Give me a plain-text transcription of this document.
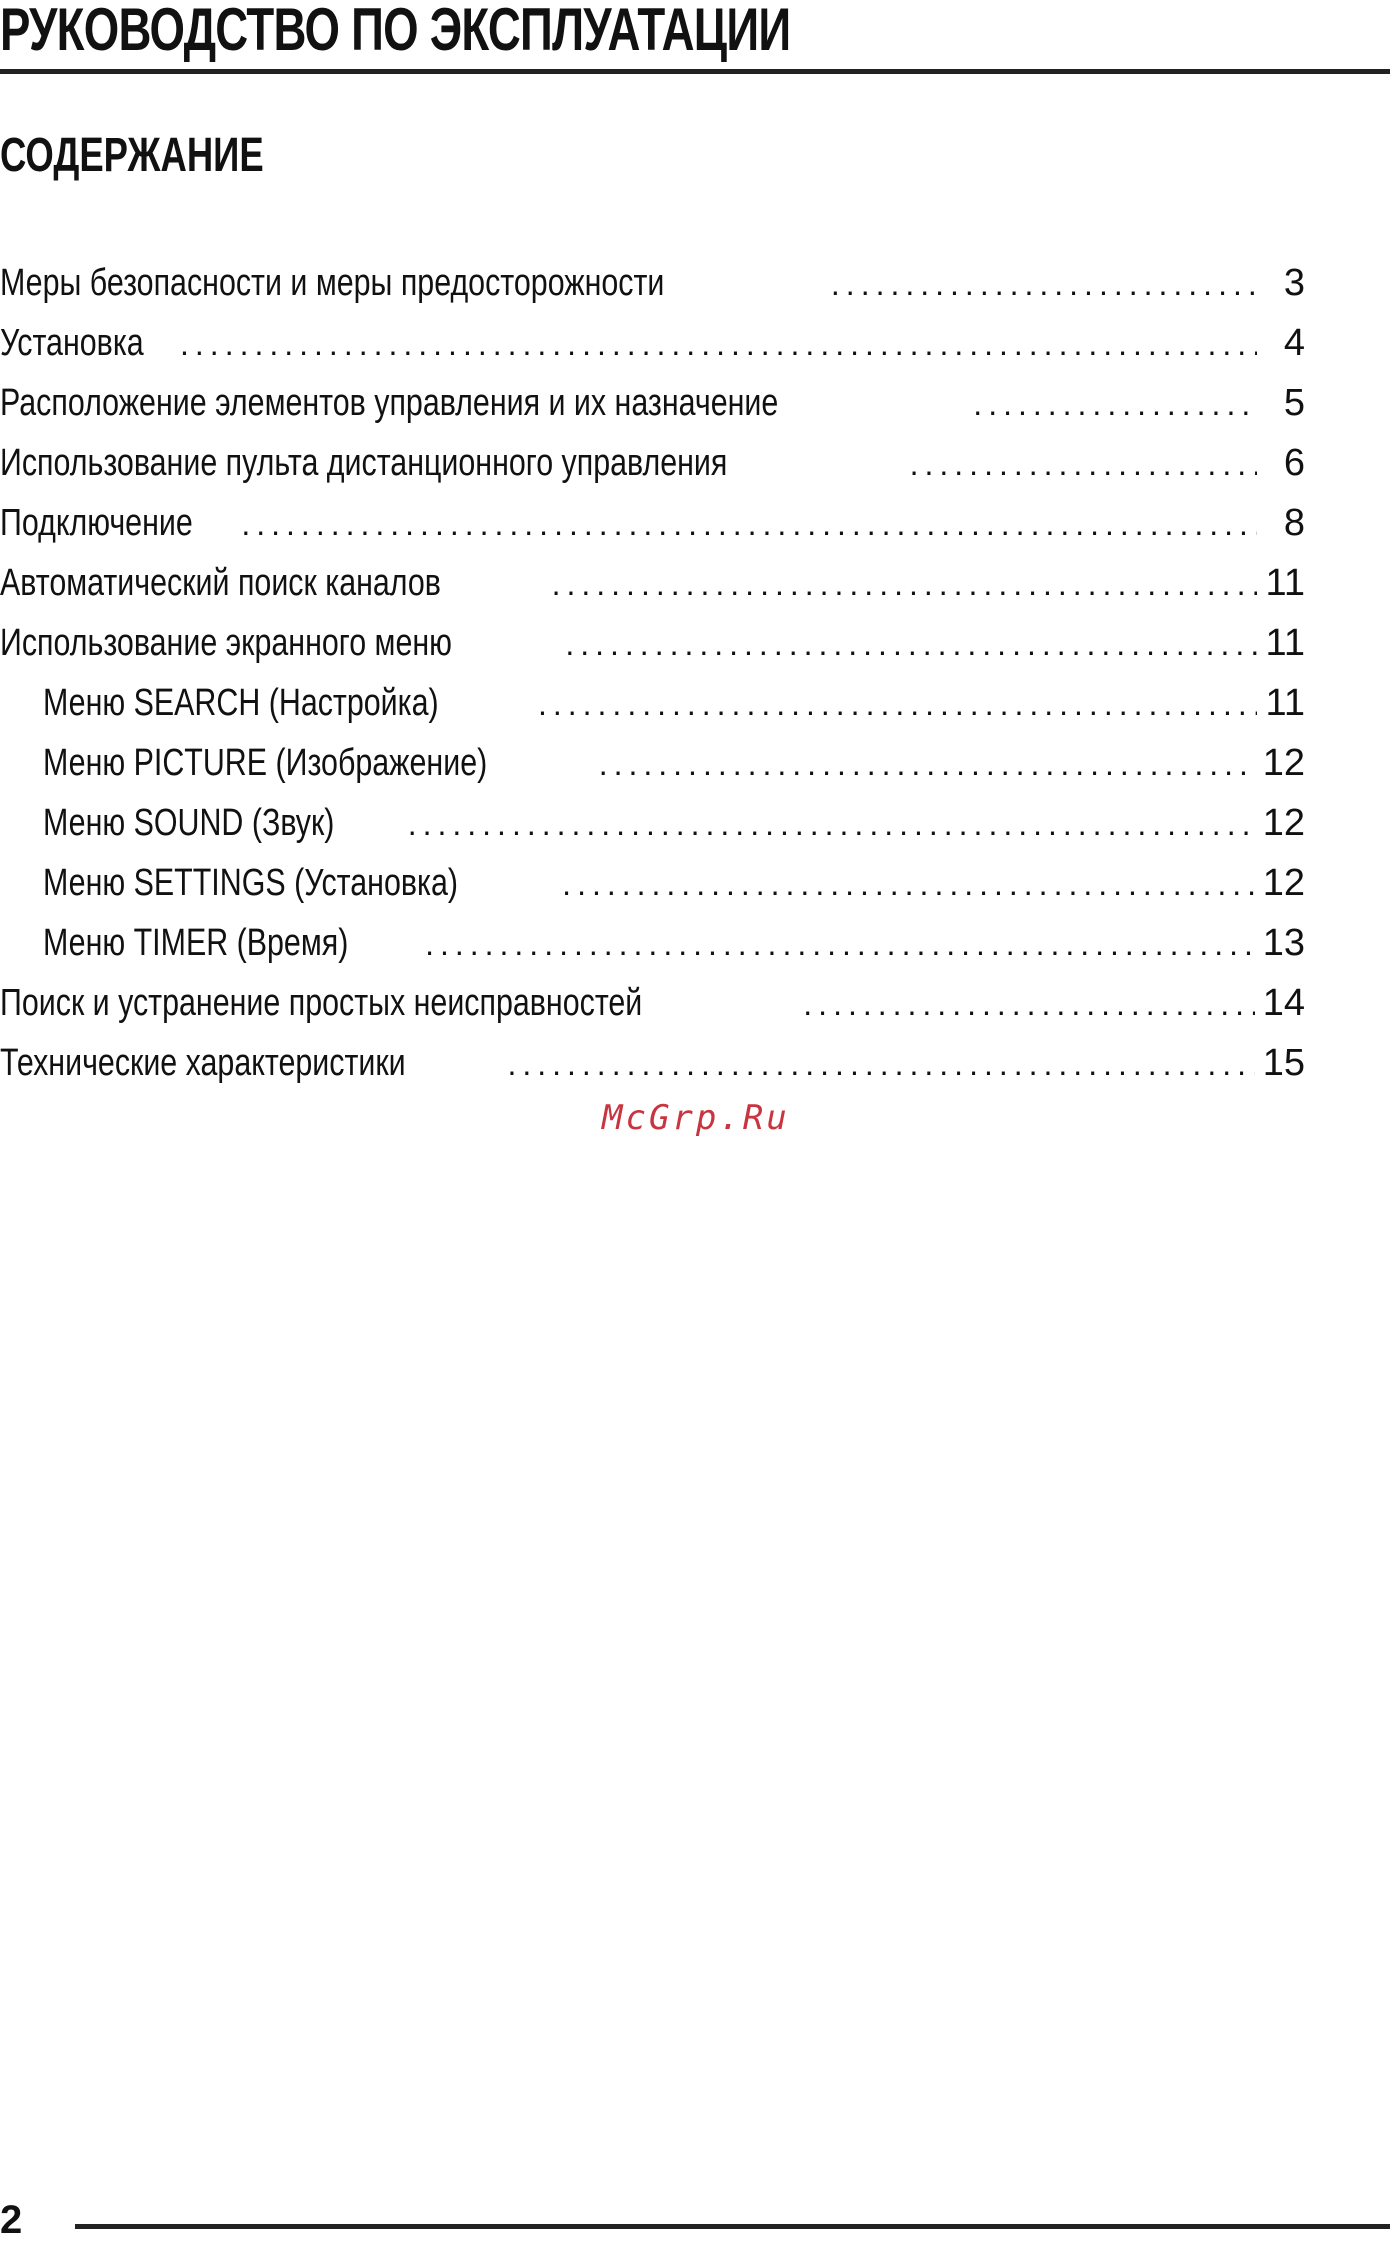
РУКОВОДСТВО ПО ЭКСПЛУАТАЦИИ
СОДЕРЖАНИЕ
Меры безопасности и меры предосторожности .....	3
Установка .....	4
Расположение элементов управления и их назначение .....	5
Использование пульта дистанционного управления .....	6
Подключение .....	8
Автоматический поиск каналов .....	11
Использование экранного меню .....	11
Меню SEARCH (Настройка) .....	11
Меню PICTURE (Изображение) .....	12
Меню SOUND (Звук) .....	12
Меню SETTINGS (Установка) .....	12
Меню TIMER (Время) .....	13
Поиск и устранение простых неисправностей .....	14
Технические характеристики .....	15
McGrp.Ru
2
